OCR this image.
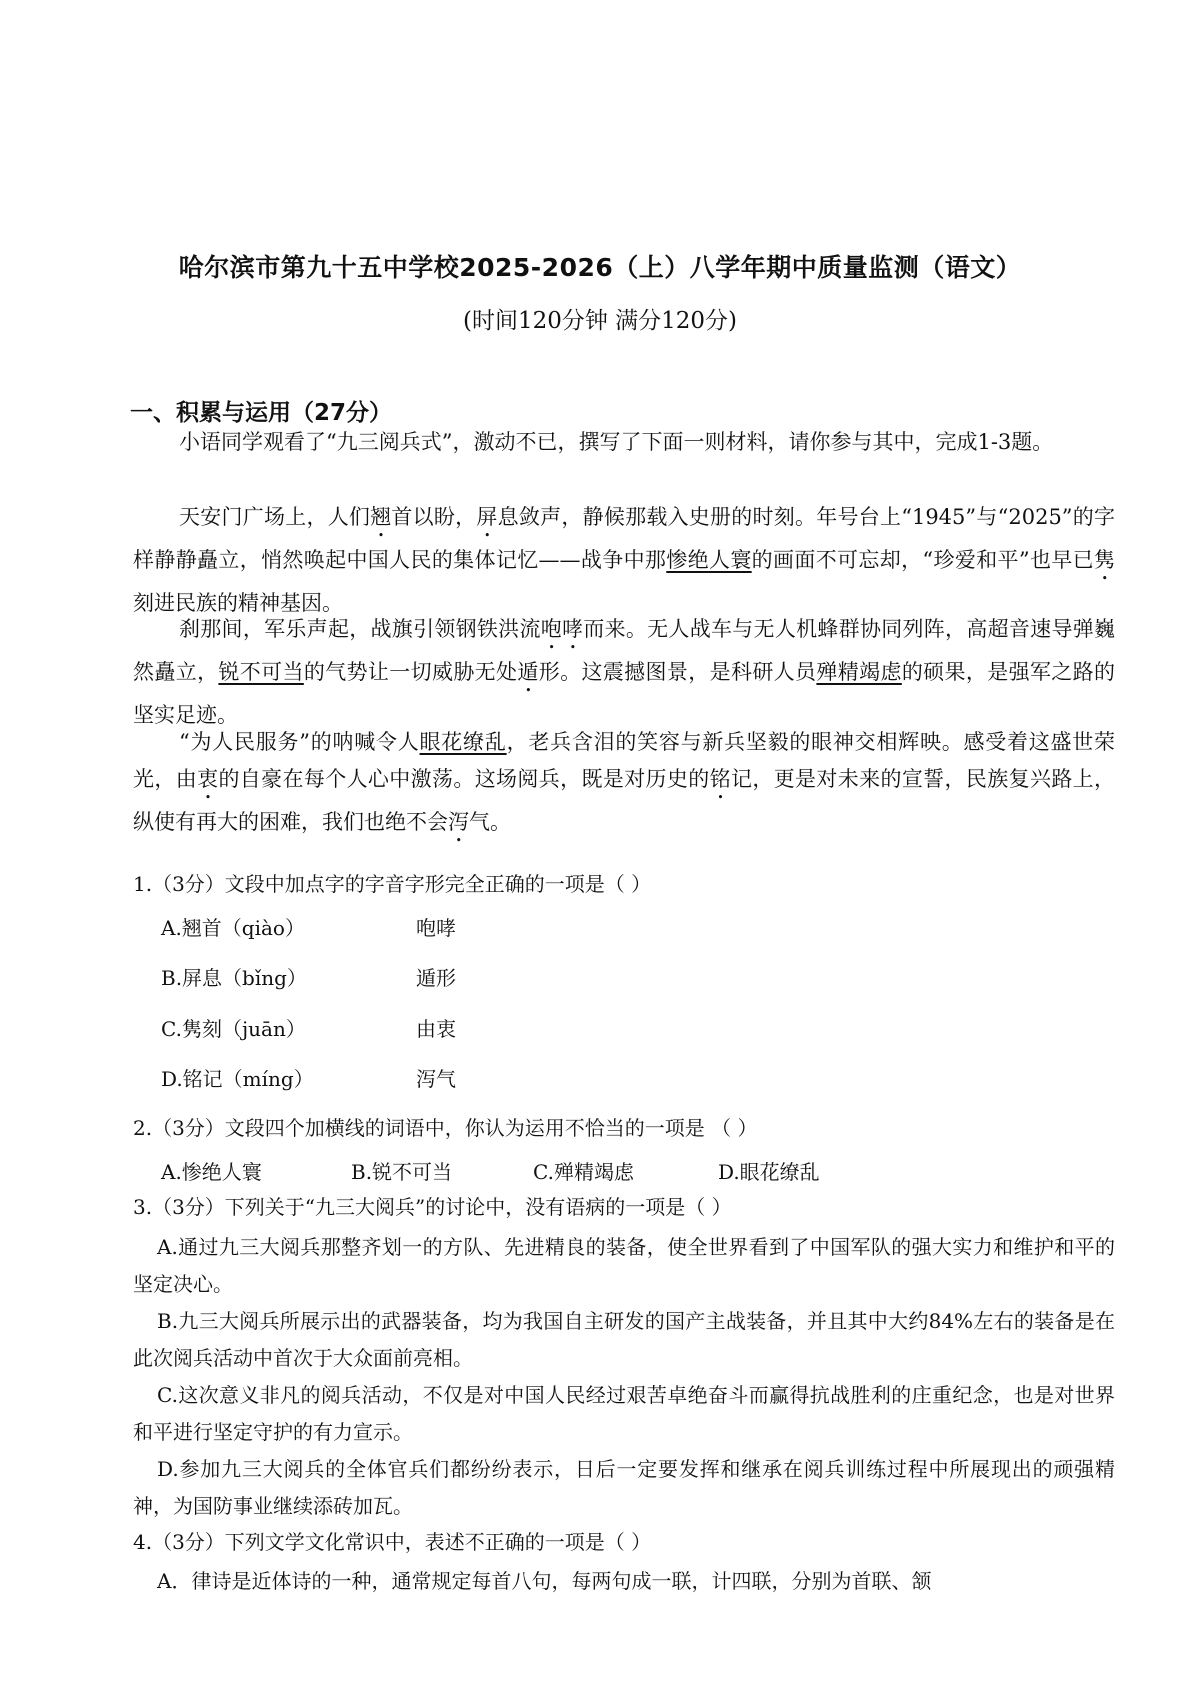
哈尔滨市第九十五中学校2025-2026（上）八学年期中质量监测（语文）
(时间120分钟 满分120分)
一、积累与运用（27分）

小语同学观看了“九三阅兵式”，激动不已，撰写了下面一则材料，请你参与其中，完成1-3题。

天安门广场上，人们翘首以盼，屏息敛声，静候那载入史册的时刻。年号台上“1945”与“2025”的字样静静矗立，悄然唤起中国人民的集体记忆——战争中那惨绝人寰的画面不可忘却，“珍爱和平”也早已隽刻进民族的精神基因。

刹那间，军乐声起，战旗引领钢铁洪流咆哮而来。无人战车与无人机蜂群协同列阵，高超音速导弹巍然矗立，锐不可当的气势让一切威胁无处遁形。这震撼图景，是科研人员殚精竭虑的硕果，是强军之路的坚实足迹。

“为人民服务”的呐喊令人眼花缭乱，老兵含泪的笑容与新兵坚毅的眼神交相辉映。感受着这盛世荣光，由衷的自豪在每个人心中激荡。这场阅兵，既是对历史的铭记，更是对未来的宣誓，民族复兴路上，纵使有再大的困难，我们也绝不会泻气。

1.（3分）文段中加点字的字音字形完全正确的一项是（ ）

A.翘首（qiào）	咆哮
B.屏息（bǐng）	遁形
C.隽刻（juān）	由衷
D.铭记（míng）	泻气

2.（3分）文段四个加横线的词语中，你认为运用不恰当的一项是 （ ）

A.惨绝人寰	B.锐不可当	C.殚精竭虑	D.眼花缭乱

3.（3分）下列关于“九三大阅兵”的讨论中，没有语病的一项是（ ）

A.通过九三大阅兵那整齐划一的方队、先进精良的装备，使全世界看到了中国军队的强大实力和维护和平的坚定决心。

B.九三大阅兵所展示出的武器装备，均为我国自主研发的国产主战装备，并且其中大约84%左右的装备是在此次阅兵活动中首次于大众面前亮相。

C.这次意义非凡的阅兵活动，不仅是对中国人民经过艰苦卓绝奋斗而赢得抗战胜利的庄重纪念，也是对世界和平进行坚定守护的有力宣示。

D.参加九三大阅兵的全体官兵们都纷纷表示，日后一定要发挥和继承在阅兵训练过程中所展现出的顽强精神，为国防事业继续添砖加瓦。

4.（3分）下列文学文化常识中，表述不正确的一项是（ ）

A．律诗是近体诗的一种，通常规定每首八句，每两句成一联，计四联，分别为首联、颔
